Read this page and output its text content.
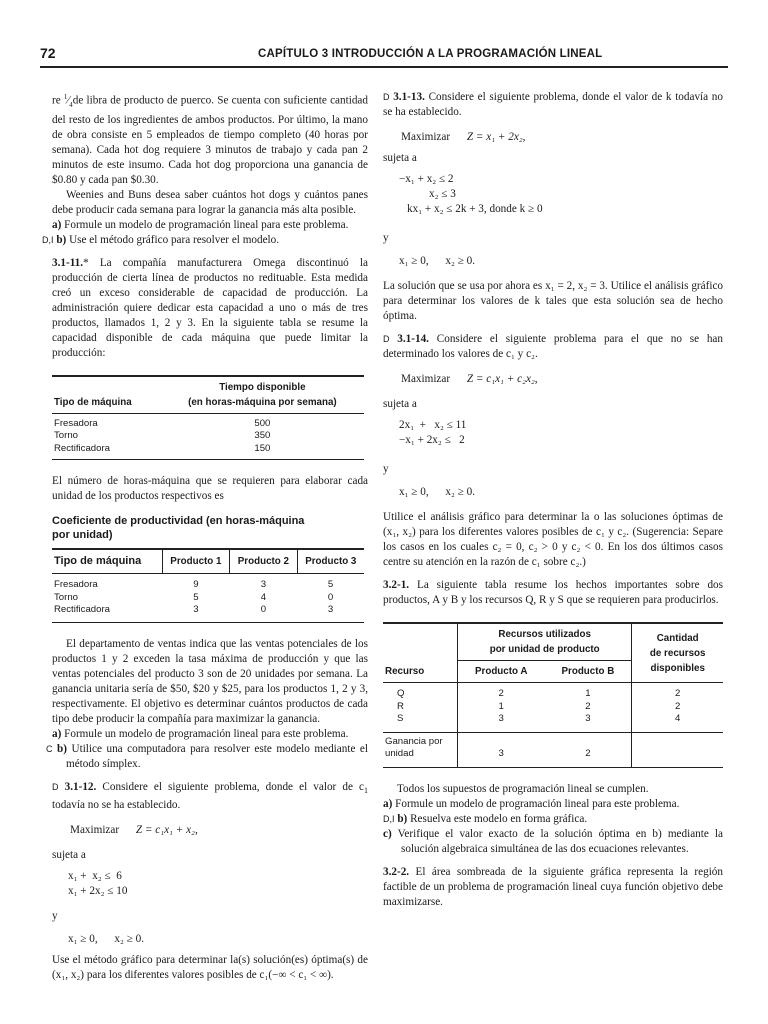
72	CAPÍTULO 3 INTRODUCCIÓN A LA PROGRAMACIÓN LINEAL

re $^1⁄_4de$ libra de producto de puerco. Se cuenta con suficiente cantidad del resto de los ingredientes de ambos productos. Por último, la mano de obra consiste en 5 empleados de tiempo completo (40 horas por semana). Cada hot dog requiere 3 minutos de trabajo y cada pan 2 minutos de este insumo. Cada hot dog proporciona una ganancia de $0.80 y cada pan $0.30.

Weenies and Buns desea saber cuántos hot dogs y cuántos panes debe producir cada semana para lograr la ganancia más alta posible.

a) Formule un modelo de programación lineal para este problema.

D,I b) Use el método gráfico para resolver el modelo.

3.1-11.* La compañía manufacturera Omega discontinuó la producción de cierta línea de productos no redituable. Esta medida creó un exceso considerable de capacidad de producción. La administración quiere dedicar esta capacidad a uno o más de tres productos, llamados 1, 2 y 3. En la siguiente tabla se resume la capacidad disponible de cada máquina que puede limitar la producción:

Tipo de máquina	Tiempo disponible
(en horas-máquina por semana)
Fresadora	500
Torno	350
Rectificadora	150

El número de horas-máquina que se requieren para elaborar cada unidad de los productos respectivos es

Coeficiente de productividad (en horas-máquina
por unidad)
Tipo de máquina	Producto 1	Producto 2	Producto 3
Fresadora	9	3	5
Torno	5	4	0
Rectificadora	3	0	3

El departamento de ventas indica que las ventas potenciales de los productos 1 y 2 exceden la tasa máxima de producción y que las ventas potenciales del producto 3 son de 20 unidades por semana. La ganancia unitaria sería de $50, $20 y $25, para los productos 1, 2 y 3, respectivamente. El objetivo es determinar cuántos productos de cada tipo debe producir la compañía para maximizar la ganancia.

a) Formule un modelo de programación lineal para este problema.

C b) Utilice una computadora para resolver este modelo mediante el método símplex.

D 3.1-12. Considere el siguiente problema, donde el valor de $c_1$ todavía no se ha establecido.

Maximizar Z = c₁x₁ + x₂,

sujeta a

x₁ +  x₂ ≤  6

x₁ + 2x₂ ≤ 10

y

x₁ ≥ 0,      x₂ ≥ 0.

Use el método gráfico para determinar la(s) solución(es) óptima(s) de (x₁, x₂) para los diferentes valores posibles de c₁(−∞ < c₁ < ∞).

D 3.1-13. Considere el siguiente problema, donde el valor de k todavía no se ha establecido.

Maximizar Z = x₁ + 2x₂,

sujeta a

−x₁ + x₂ ≤ 2

x₂ ≤ 3

kx₁ + x₂ ≤ 2k + 3, donde k ≥ 0

y

x₁ ≥ 0,      x₂ ≥ 0.

La solución que se usa por ahora es x₁ = 2, x₂ = 3. Utilice el análisis gráfico para determinar los valores de k tales que esta solución sea de hecho óptima.

D 3.1-14. Considere el siguiente problema para el que no se han determinado los valores de c₁ y c₂.

Maximizar Z = c₁x₁ + c₂x₂,

sujeta a

2x₁  +   x₂ ≤ 11

−x₁ + 2x₂ ≤   2

y

x₁ ≥ 0,      x₂ ≥ 0.

Utilice el análisis gráfico para determinar la o las soluciones óptimas de (x₁, x₂) para los diferentes valores posibles de c₁ y c₂. (Sugerencia: Separe los casos en los cuales c₂ = 0, c₂ > 0 y c₂ < 0. En los dos últimos casos centre su atención en la razón de c₁ sobre c₂.)

3.2-1. La siguiente tabla resume los hechos importantes sobre dos productos, A y B y los recursos Q, R y S que se requieren para producirlos.

Recurso	Recursos utilizados
por unidad de producto		Cantidad
de recursos
disponibles
	Producto A	Producto B	
Q	2	1	2
R	1	2	2
S	3	3	4
Ganancia por
unidad	3	2	

Todos los supuestos de programación lineal se cumplen.

a) Formule un modelo de programación lineal para este problema.

D,I b) Resuelva este modelo en forma gráfica.

c) Verifique el valor exacto de la solución óptima en b) mediante la solución algebraica simultánea de las dos ecuaciones relevantes.

3.2-2. El área sombreada de la siguiente gráfica representa la región factible de un problema de programación lineal cuya función objetivo debe maximizarse.
